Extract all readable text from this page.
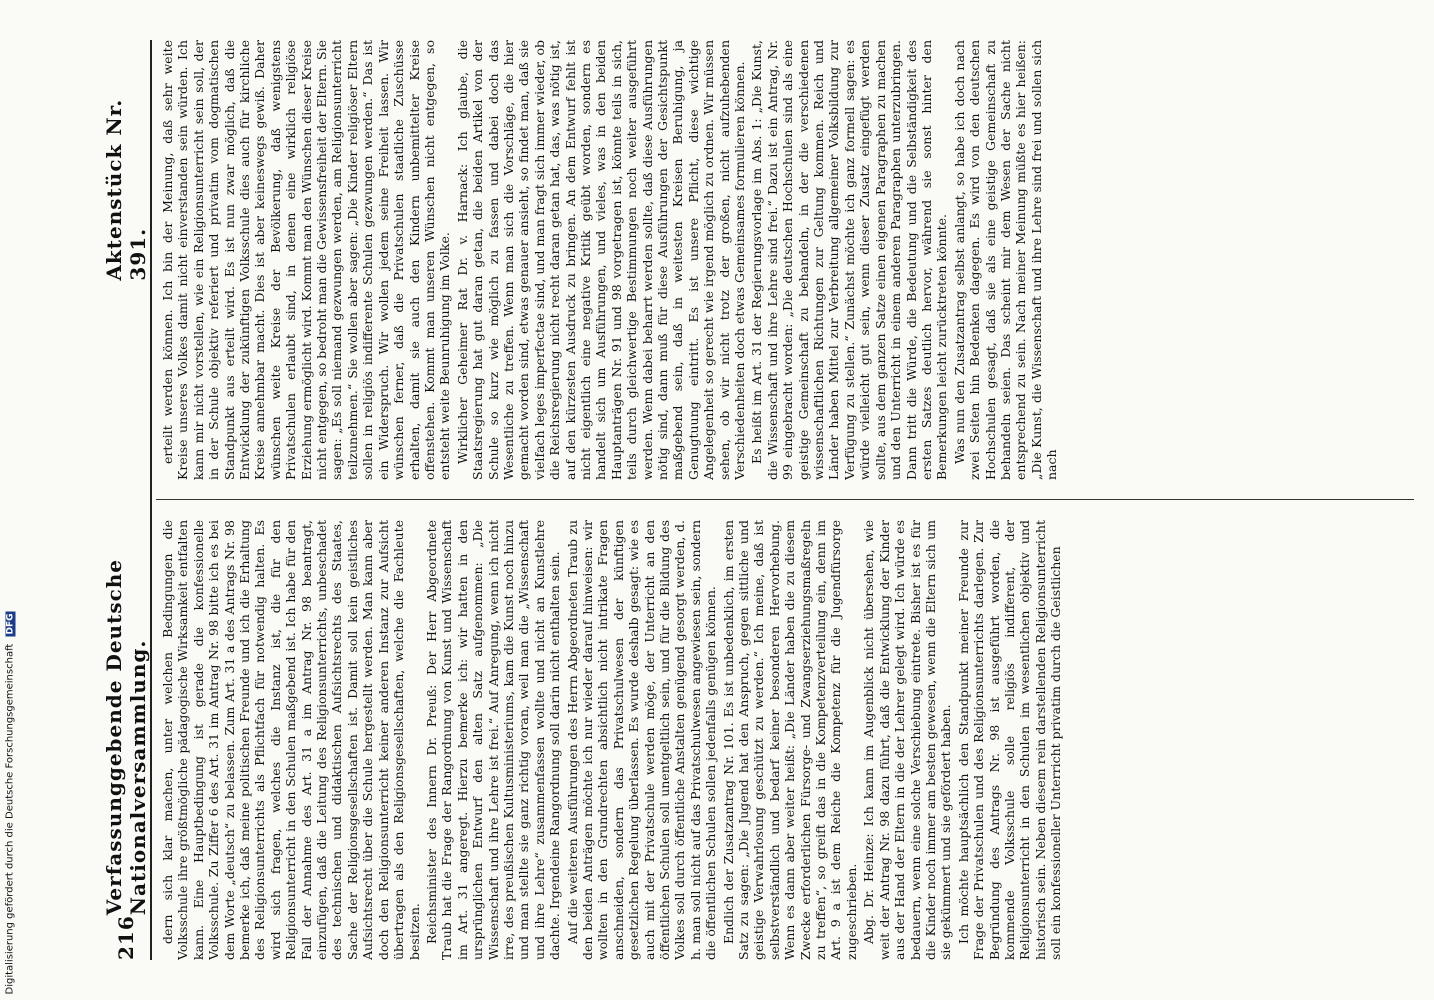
Digitalisierung gefördert durch die Deutsche Forschungsgemeinschaft DFG
216
Verfassunggebende Deutsche Nationalversammlung.
Aktenstück Nr. 391.

dern sich klar machen, unter welchen Bedingungen die Volksschule ihre größtmögliche pädagogische Wirksamkeit entfalten kann. Eine Hauptbedingung ist gerade die konfessionelle Volksschule. Zu Ziffer 6 des Art. 31 im Antrag Nr. 98 bitte ich es bei dem Worte „deutsch“ zu belassen. Zum Art. 31 a des Antrags Nr. 98 bemerke ich, daß meine politischen Freunde und ich die Erhaltung des Religionsunterrichts als Pflichtfach für notwendig halten. Es wird sich fragen, welches die Instanz ist, die für den Religionsunterricht in den Schulen maßgebend ist. Ich habe für den Fall der Annahme des Art. 31 a im Antrag Nr. 98 beantragt, einzufügen, daß die Leitung des Religionsunterrichts, unbeschadet des technischen und didaktischen Aufsichtsrechts des Staates, Sache der Religionsgesellschaften ist. Damit soll kein geistliches Aufsichtsrecht über die Schule hergestellt werden. Man kann aber doch den Religionsunterricht keiner anderen Instanz zur Aufsicht übertragen als den Religionsgesellschaften, welche die Fachleute besitzen. Reichsminister des Innern Dr. Preuß: Der Herr Abgeordnete Traub hat die Frage der Rangordnung von Kunst und Wissenschaft im Art. 31 angeregt. Hierzu bemerke ich: wir hatten in den ursprünglichen Entwurf den alten Satz aufgenommen: „Die Wissenschaft und ihre Lehre ist frei.“ Auf Anregung, wenn ich nicht irre, des preußischen Kultusministeriums, kam die Kunst noch hinzu und man stellte sie ganz richtig voran, weil man die „Wissenschaft und ihre Lehre“ zusammenfassen wollte und nicht an Kunstlehre dachte. Irgendeine Rangordnung soll darin nicht enthalten sein. Auf die weiteren Ausführungen des Herrn Abgeordneten Traub zu den beiden Anträgen möchte ich nur wieder darauf hinweisen: wir wollten in den Grundrechten absichtlich nicht intrikate Fragen anschneiden, sondern das Privatschulwesen der künftigen gesetzlichen Regelung überlassen. Es wurde deshalb gesagt: wie es auch mit der Privatschule werden möge, der Unterricht an den öffentlichen Schulen soll unentgeltlich sein, und für die Bildung des Volkes soll durch öffentliche Anstalten genügend gesorgt werden, d. h. man soll nicht auf das Privatschulwesen angewiesen sein, sondern die öffentlichen Schulen sollen jedenfalls genügen können. Endlich der Zusatzantrag Nr. 101. Es ist unbedenklich, im ersten Satz zu sagen: „Die Jugend hat den Anspruch, gegen sittliche und geistige Verwahrlosung geschützt zu werden.“ Ich meine, daß ist selbstverständlich und bedarf keiner besonderen Hervorhebung. Wenn es dann aber weiter heißt: „Die Länder haben die zu diesem Zwecke erforderlichen Fürsorge- und Zwangserziehungsmaßregeln zu treffen“, so greift das in die Kompetenzverteilung ein, denn im Art. 9 a ist dem Reiche die Kompetenz für die Jugendfürsorge zugeschrieben. Abg. Dr. Heinze: Ich kann im Augenblick nicht übersehen, wie weit der Antrag Nr. 98 dazu führt, daß die Entwicklung der Kinder aus der Hand der Eltern in die der Lehrer gelegt wird. Ich würde es bedauern, wenn eine solche Verschiebung eintrete. Bisher ist es für die Kinder noch immer am besten gewesen, wenn die Eltern sich um sie gekümmert und sie gefördert haben. Ich möchte hauptsächlich den Standpunkt meiner Freunde zur Frage der Privatschulen und des Religionsunterrichts darlegen. Zur Begründung des Antrags Nr. 98 ist ausgeführt worden, die kommende Volksschule solle religiös indifferent, der Religionsunterricht in den Schulen im wesentlichen objektiv und historisch sein. Neben diesem rein darstellenden Religionsunterricht soll ein konfessioneller Unterricht privatim durch die Geistlichen

erteilt werden können. Ich bin der Meinung, daß sehr weite Kreise unseres Volkes damit nicht einverstanden sein würden. Ich kann mir nicht vorstellen, wie ein Religionsunterricht sein soll, der in der Schule objektiv referiert und privatim vom dogmatischen Standpunkt aus erteilt wird. Es ist nun zwar möglich, daß die Entwicklung der zukünftigen Volksschule dies auch für kirchliche Kreise annehmbar macht. Dies ist aber keineswegs gewiß. Daher wünschen weite Kreise der Bevölkerung, daß wenigstens Privatschulen erlaubt sind, in denen eine wirklich religiöse Erziehung ermöglicht wird. Kommt man den Wünschen dieser Kreise nicht entgegen, so bedroht man die Gewissensfreiheit der Eltern. Sie sagen: „Es soll niemand gezwungen werden, am Religionsunterricht teilzunehmen.“ Sie wollen aber sagen: „Die Kinder religiöser Eltern sollen in religiös indifferente Schulen gezwungen werden.“ Das ist ein Widerspruch. Wir wollen jedem seine Freiheit lassen. Wir wünschen ferner, daß die Privatschulen staatliche Zuschüsse erhalten, damit sie auch den Kindern unbemittelter Kreise offenstehen. Kommt man unseren Wünschen nicht entgegen, so entsteht weite Beunruhigung im Volke. Wirklicher Geheimer Rat Dr. v. Harnack: Ich glaube, die Staatsregierung hat gut daran getan, die beiden Artikel von der Schule so kurz wie möglich zu fassen und dabei doch das Wesentliche zu treffen. Wenn man sich die Vorschläge, die hier gemacht worden sind, etwas genauer ansieht, so findet man, daß sie vielfach leges imperfectae sind, und man fragt sich immer wieder, ob die Reichsregierung nicht recht daran getan hat, das, was nötig ist, auf den kürzesten Ausdruck zu bringen. An dem Entwurf fehlt ist nicht eigentlich eine negative Kritik geübt worden, sondern es handelt sich um Ausführungen, und vieles, was in den beiden Hauptanträgen Nr. 91 und 98 vorgetragen ist, könnte teils in sich, teils durch gleichwertige Bestimmungen noch weiter ausgeführt werden. Wenn dabei beharrt werden sollte, daß diese Ausführungen nötig sind, dann muß für diese Ausführungen der Gesichtspunkt maßgebend sein, daß in weitesten Kreisen Beruhigung, ja Genugtuung eintritt. Es ist unsere Pflicht, diese wichtige Angelegenheit so gerecht wie irgend möglich zu ordnen. Wir müssen sehen, ob wir nicht trotz der großen, nicht aufzuhebenden Verschiedenheiten doch etwas Gemeinsames formulieren können. Es heißt im Art. 31 der Regierungsvorlage im Abs. 1: „Die Kunst, die Wissenschaft und ihre Lehre sind frei.“ Dazu ist ein Antrag, Nr. 99 eingebracht worden: „Die deutschen Hochschulen sind als eine geistige Gemeinschaft zu behandeln, in der die verschiedenen wissenschaftlichen Richtungen zur Geltung kommen. Reich und Länder haben Mittel zur Verbreitung allgemeiner Volksbildung zur Verfügung zu stellen.“ Zunächst möchte ich ganz formell sagen: es würde vielleicht gut sein, wenn dieser Zusatz eingefügt werden sollte, aus dem ganzen Satze einen eigenen Paragraphen zu machen und den Unterricht in einem anderen Paragraphen unterzubringen. Dann tritt die Würde, die Bedeutung und die Selbständigkeit des ersten Satzes deutlich hervor, während sie sonst hinter den Bemerkungen leicht zurücktreten könnte. Was nun den Zusatzantrag selbst anlangt, so habe ich doch nach zwei Seiten hin Bedenken dagegen. Es wird von den deutschen Hochschulen gesagt, daß sie als eine geistige Gemeinschaft zu behandeln seien. Das scheint mir dem Wesen der Sache nicht entsprechend zu sein. Nach meiner Meinung müßte es hier heißen: „Die Kunst, die Wissenschaft und ihre Lehre sind frei und sollen sich nach
